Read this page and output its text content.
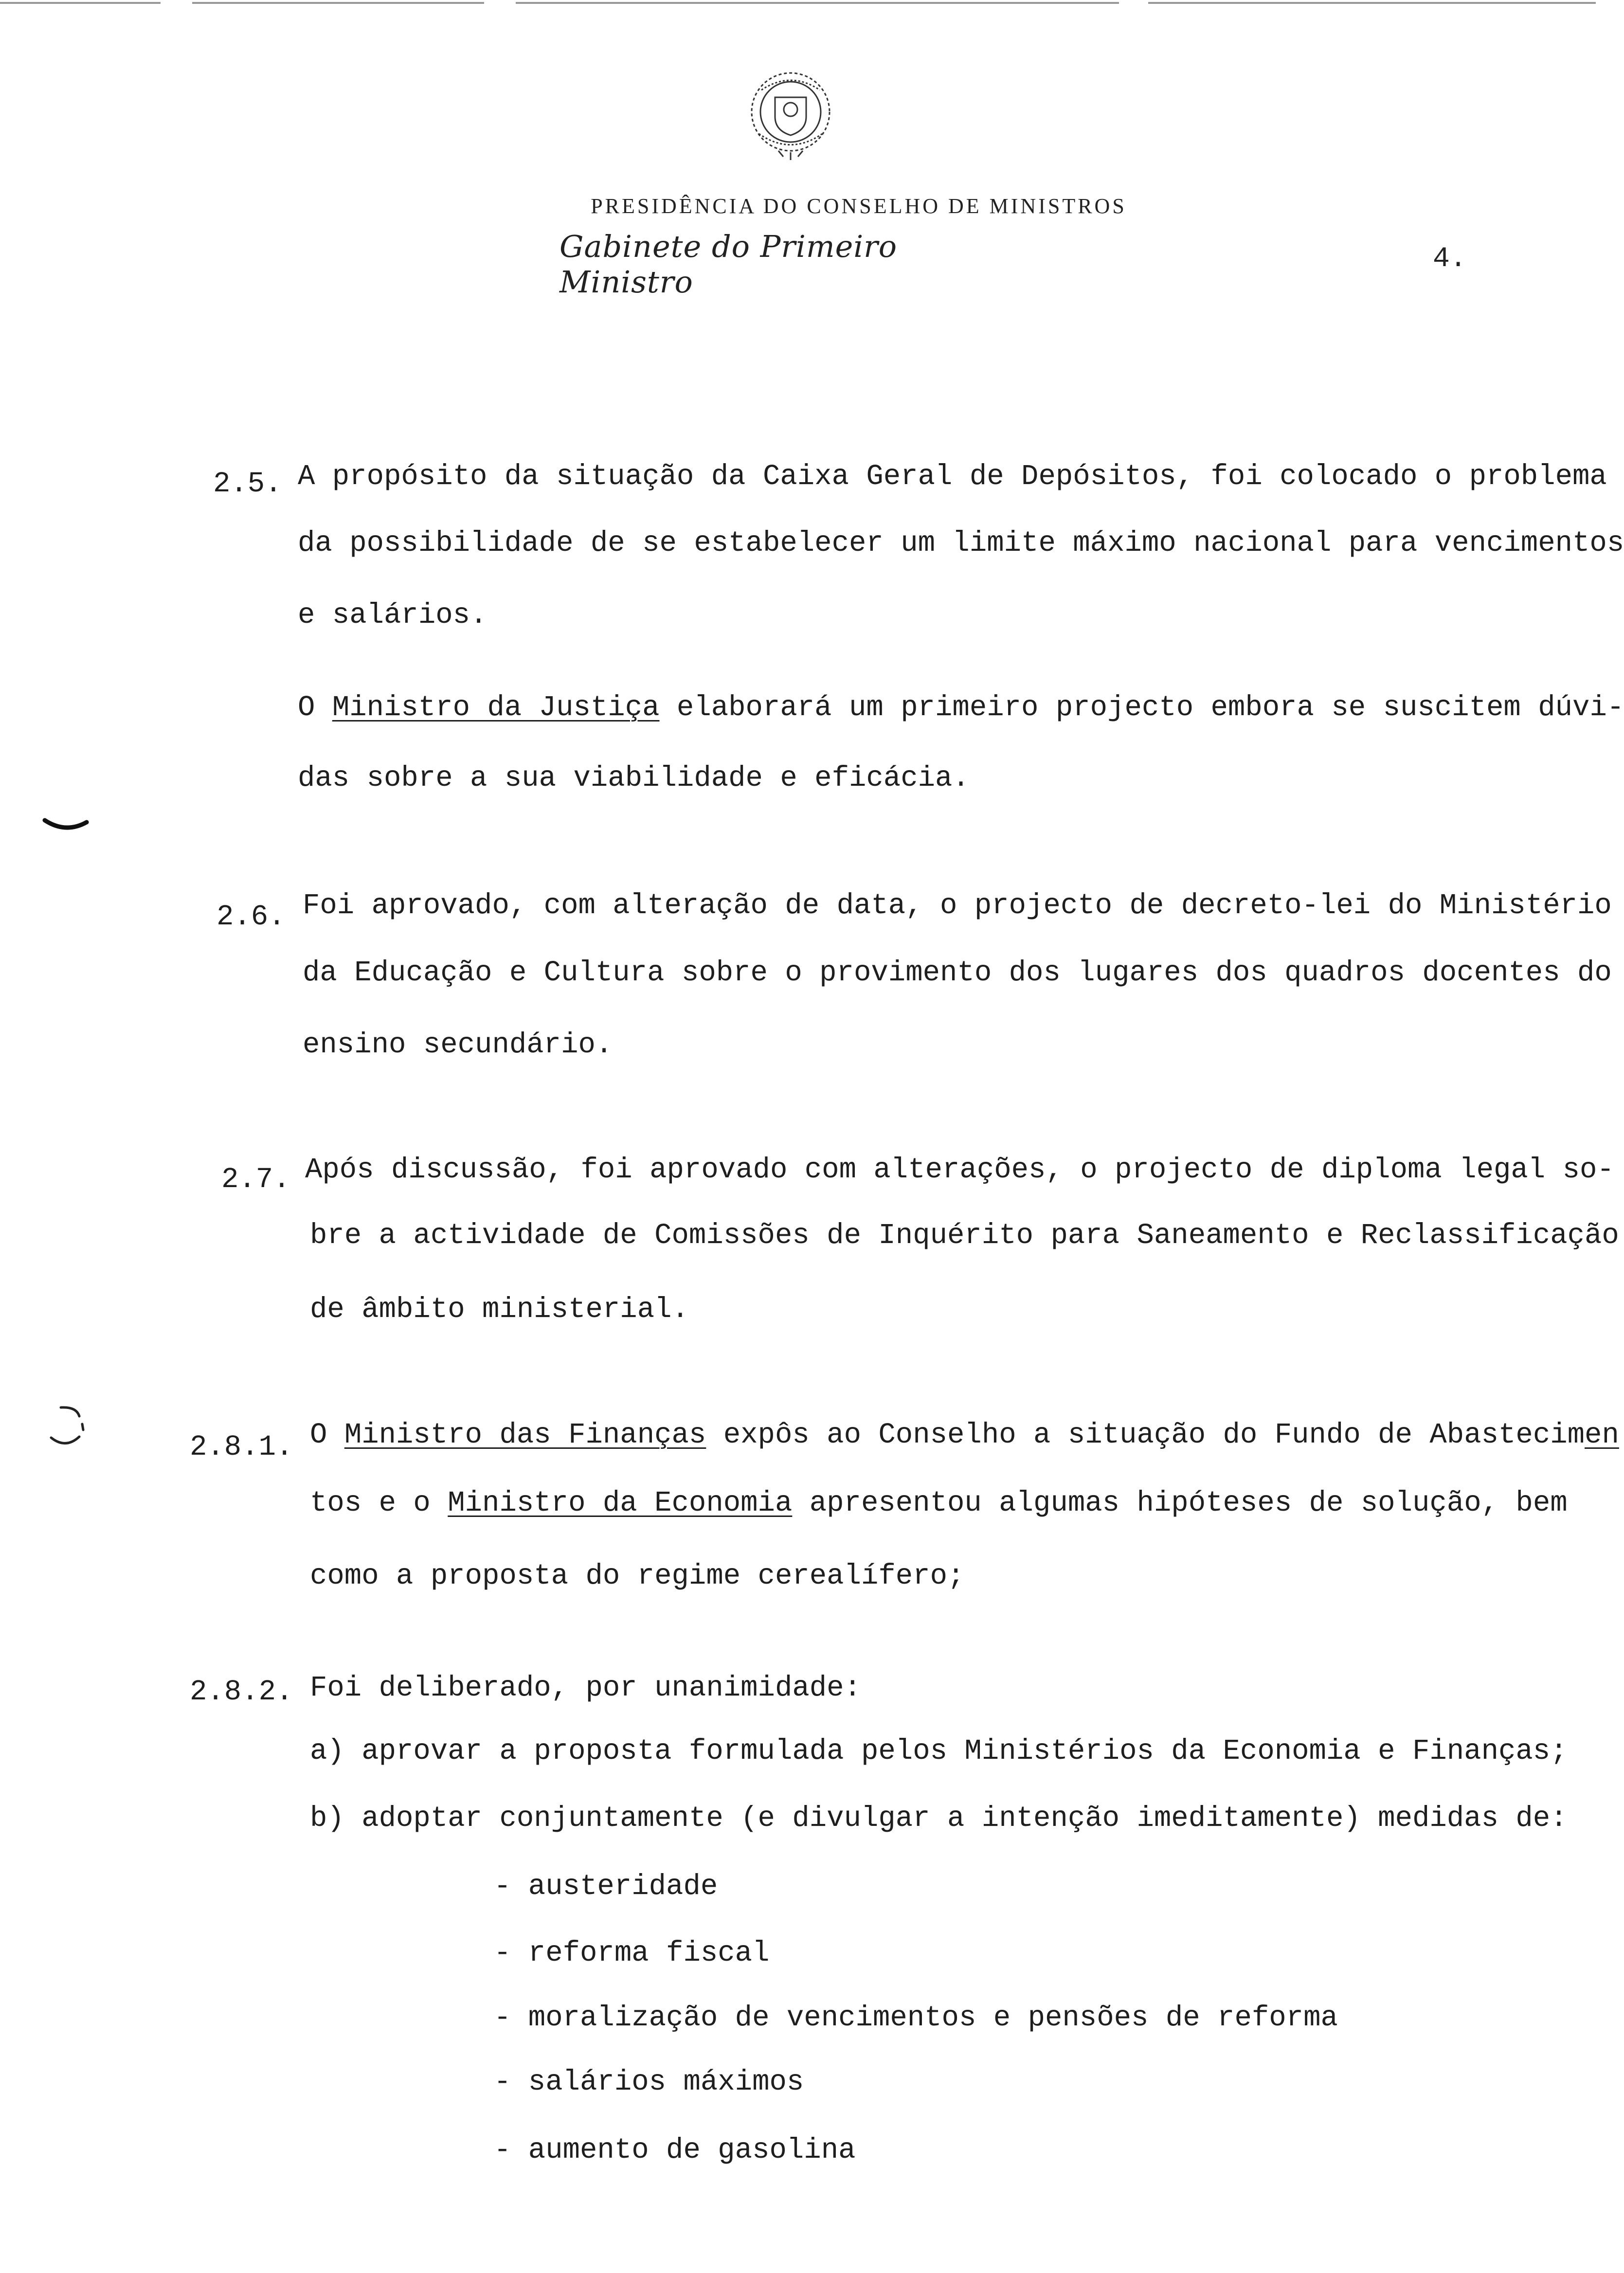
PRESIDÊNCIA DO CONSELHO DE MINISTROS
Gabinete do Primeiro Ministro
4.
2.5. A propósito da situação da Caixa Geral de Depósitos, foi colocado o problema
da possibilidade de se estabelecer um limite máximo nacional para vencimentos
e salários.
O Ministro da Justiça elaborará um primeiro projecto embora se suscitem dúvi-
das sobre a sua viabilidade e eficácia.
2.6. Foi aprovado, com alteração de data, o projecto de decreto-lei do Ministério
da Educação e Cultura sobre o provimento dos lugares dos quadros docentes do
ensino secundário.
2.7. Após discussão, foi aprovado com alterações, o projecto de diploma legal so-
bre a actividade de Comissões de Inquérito para Saneamento e Reclassificação
de âmbito ministerial.
2.8.1. O Ministro das Finanças expôs ao Conselho a situação do Fundo de Abastecimen
tos e o Ministro da Economia apresentou algumas hipóteses de solução, bem
como a proposta do regime cerealífero;
2.8.2. Foi deliberado, por unanimidade:
a) aprovar a proposta formulada pelos Ministérios da Economia e Finanças;
b) adoptar conjuntamente (e divulgar a intenção imeditamente) medidas de:
- austeridade
- reforma fiscal
- moralização de vencimentos e pensões de reforma
- salários máximos
- aumento de gasolina
